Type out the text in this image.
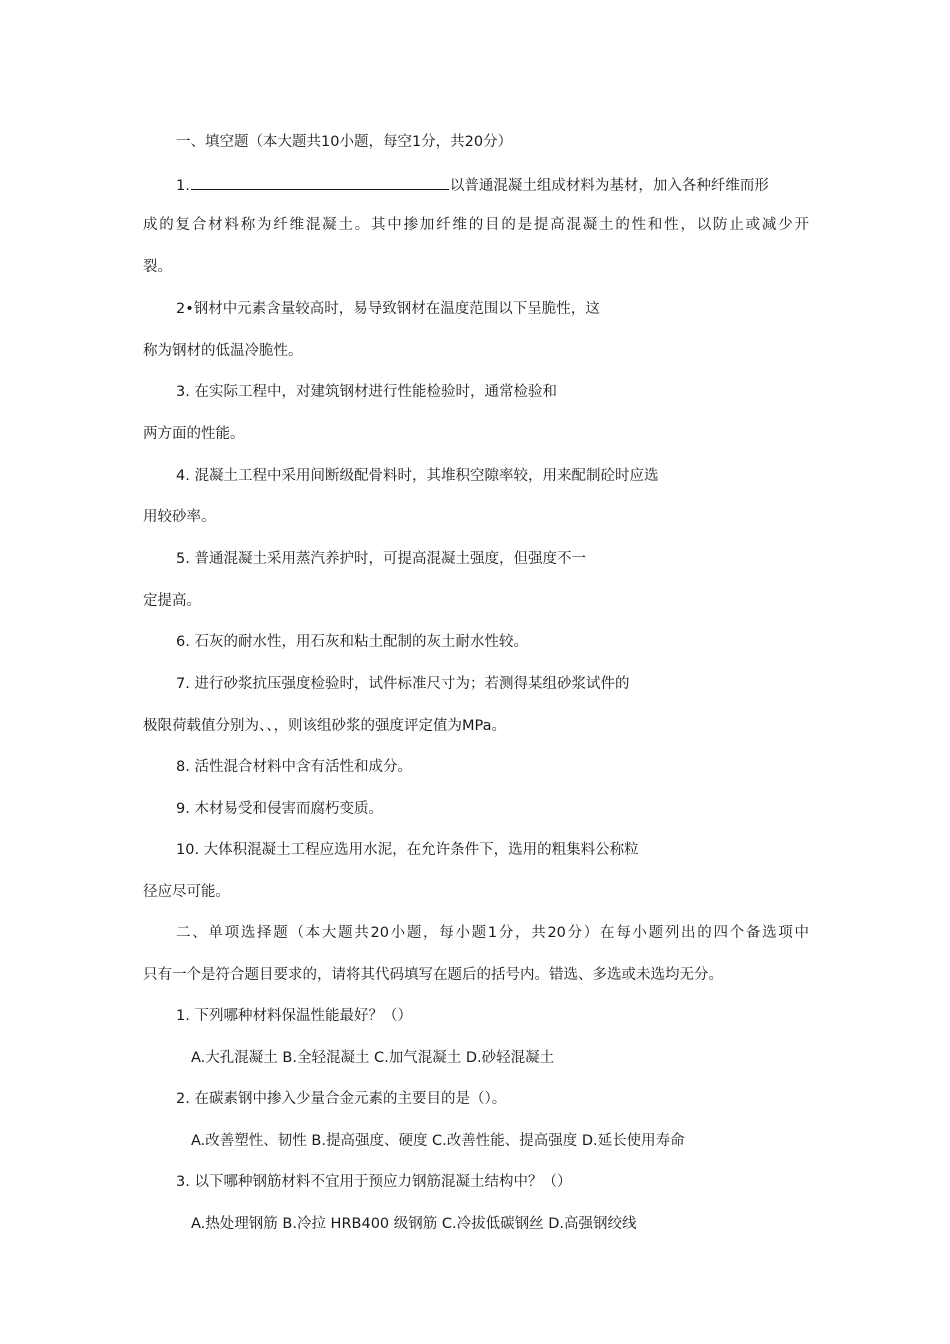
一、填空题（本大题共10小题，每空1分，共20分）
1.	以普通混凝土组成材料为基材，加入各种纤维而形
成的复合材料称为纤维混凝土。其中掺加纤维的目的是提高混凝土的性和性，以防止或减少开
裂。
2•钢材中元素含量较高时，易导致钢材在温度范围以下呈脆性，这
称为钢材的低温冷脆性。
3. 在实际工程中，对建筑钢材进行性能检验时，通常检验和
两方面的性能。
4. 混凝土工程中采用间断级配骨料时，其堆积空隙率较，用来配制砼时应选
用较砂率。
5. 普通混凝土采用蒸汽养护时，可提高混凝土强度，但强度不一
定提高。
6. 石灰的耐水性，用石灰和粘土配制的灰土耐水性较。
7. 进行砂浆抗压强度检验时，试件标准尺寸为；若测得某组砂浆试件的
极限荷载值分别为、、，则该组砂浆的强度评定值为MPa。
8. 活性混合材料中含有活性和成分。
9. 木材易受和侵害而腐朽变质。
10. 大体积混凝土工程应选用水泥，在允许条件下，选用的粗集料公称粒
径应尽可能。
二、单项选择题（本大题共20小题，每小题1分，共20分）在每小题列出的四个备选项中
只有一个是符合题目要求的，请将其代码填写在题后的括号内。错选、多选或未选均无分。
1. 下列哪种材料保温性能最好？（）
A.大孔混凝土 B.全轻混凝土 C.加气混凝土 D.砂轻混凝土
2. 在碳素钢中掺入少量合金元素的主要目的是（）。
A.改善塑性、韧性 B.提高强度、硬度 C.改善性能、提高强度 D.延长使用寿命
3. 以下哪种钢筋材料不宜用于预应力钢筋混凝土结构中？（）
A.热处理钢筋 B.冷拉 HRB400 级钢筋 C.冷拔低碳钢丝 D.高强钢绞线
